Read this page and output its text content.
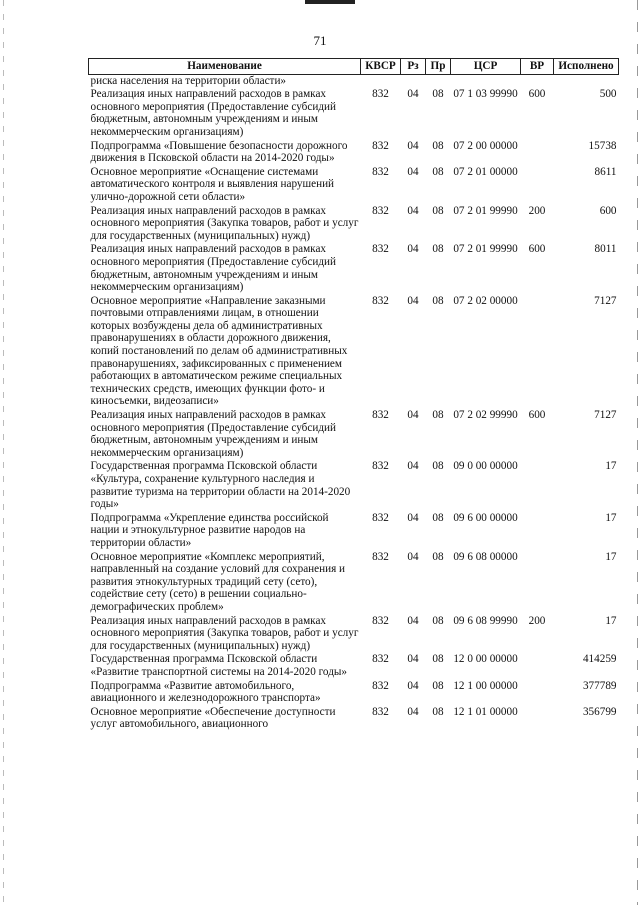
71
Наименование	КВСР	Рз	Пр	ЦСР	ВР	Исполнено
риска населения на территории области»						
Реализация иных направлений расходов в рамках основного мероприятия (Предоставление субсидий бюджетным, автономным учреждениям и иным некоммерческим организациям)	832	04	08	07 1 03 99990	600	500
Подпрограмма «Повышение безопасности дорожного движения в Псковской области на 2014-2020 годы»	832	04	08	07 2 00 00000		15738
Основное мероприятие «Оснащение системами автоматического контроля и выявления нарушений улично-дорожной сети области»	832	04	08	07 2 01 00000		8611
Реализация иных направлений расходов в рамках основного мероприятия (Закупка товаров, работ и услуг для государственных (муниципальных) нужд)	832	04	08	07 2 01 99990	200	600
Реализация иных направлений расходов в рамках основного мероприятия (Предоставление субсидий бюджетным, автономным учреждениям и иным некоммерческим организациям)	832	04	08	07 2 01 99990	600	8011
Основное мероприятие «Направление заказными почтовыми отправлениями лицам, в отношении которых возбуждены дела об административных правонарушениях в области дорожного движения, копий постановлений по делам об административных правонарушениях, зафиксированных с применением работающих в автоматическом режиме специальных технических средств, имеющих функции фото- и киносъемки, видеозаписи»	832	04	08	07 2 02 00000		7127
Реализация иных направлений расходов в рамках основного мероприятия (Предоставление субсидий бюджетным, автономным учреждениям и иным некоммерческим организациям)	832	04	08	07 2 02 99990	600	7127
Государственная программа Псковской области «Культура, сохранение культурного наследия и развитие туризма на территории области на 2014-2020 годы»	832	04	08	09 0 00 00000		17
Подпрограмма «Укрепление единства российской нации и этнокультурное развитие народов на территории области»	832	04	08	09 6 00 00000		17
Основное мероприятие «Комплекс мероприятий, направленный на создание условий для сохранения и развития этнокультурных традиций сету (сето), содействие сету (сето) в решении социально-демографических проблем»	832	04	08	09 6 08 00000		17
Реализация иных направлений расходов в рамках основного мероприятия (Закупка товаров, работ и услуг для государственных (муниципальных) нужд)	832	04	08	09 6 08 99990	200	17
Государственная программа Псковской области «Развитие транспортной системы на 2014-2020 годы»	832	04	08	12 0 00 00000		414259
Подпрограмма «Развитие автомобильного, авиационного и железнодорожного транспорта»	832	04	08	12 1 00 00000		377789
Основное мероприятие «Обеспечение доступности услуг автомобильного, авиационного	832	04	08	12 1 01 00000		356799
